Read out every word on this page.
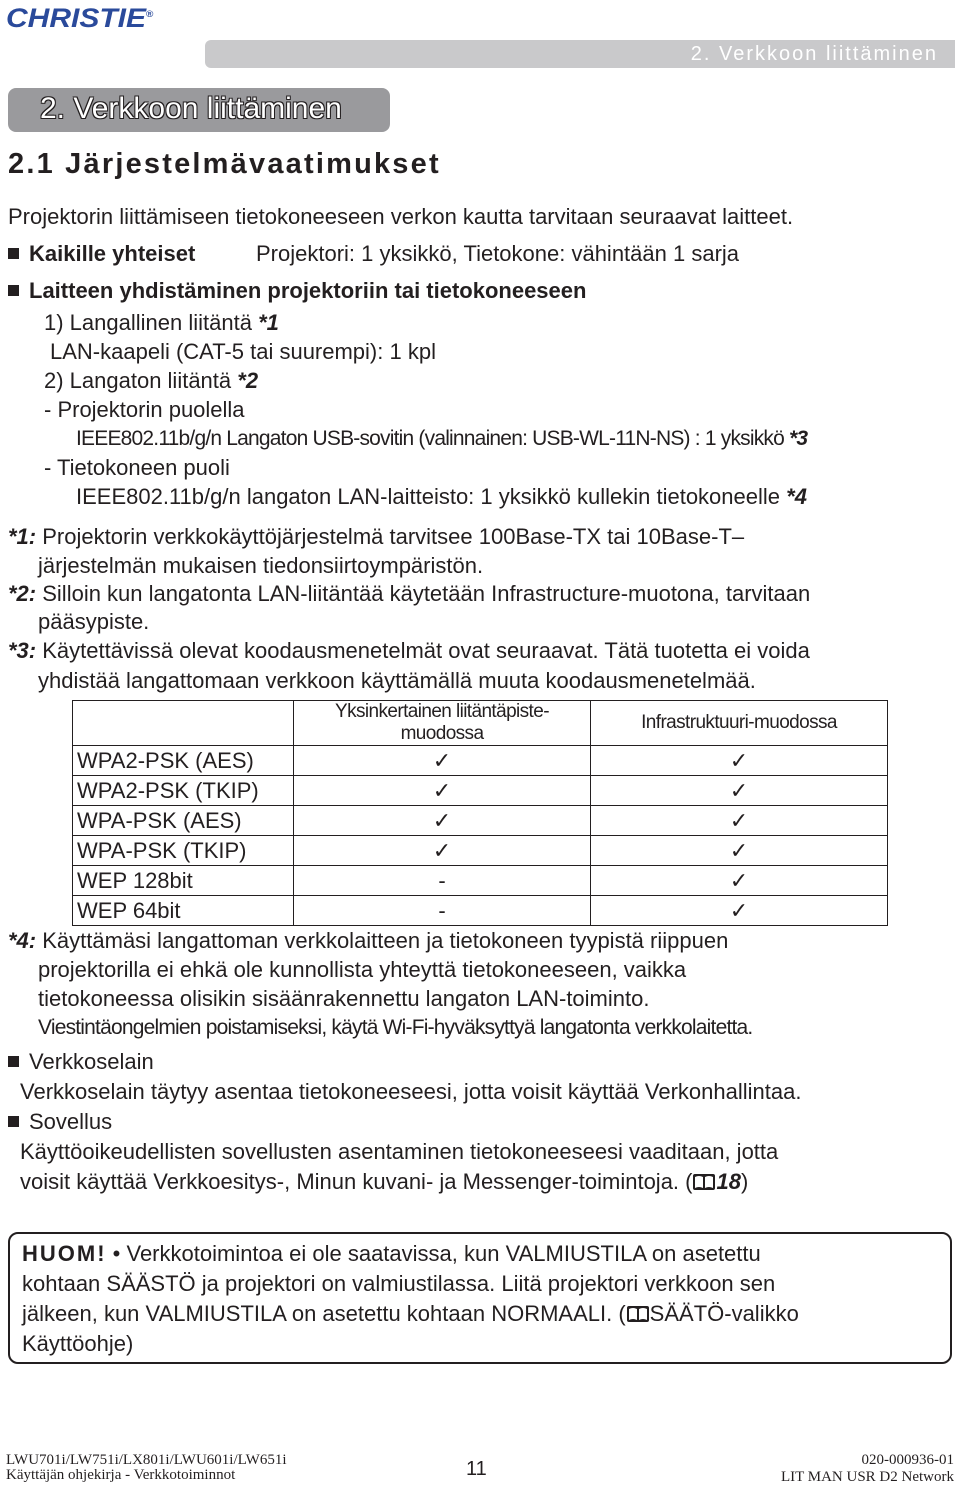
CHRISTIE®
2. Verkkoon liittäminen
2. Verkkoon liittäminen
2.1 Järjestelmävaatimukset
Projektorin liittämiseen tietokoneeseen verkon kautta tarvitaan seuraavat laitteet.
Kaikille yhteiset	Projektori: 1 yksikkö, Tietokone: vähintään 1 sarja
Laitteen yhdistäminen projektoriin tai tietokoneeseen
1) Langallinen liitäntä *1
LAN-kaapeli (CAT-5 tai suurempi): 1 kpl
2) Langaton liitäntä *2
- Projektorin puolella
IEEE802.11b/g/n Langaton USB-sovitin (valinnainen: USB-WL-11N-NS) : 1 yksikkö *3
- Tietokoneen puoli
IEEE802.11b/g/n langaton LAN-laitteisto: 1 yksikkö kullekin tietokoneelle *4
*1: Projektorin verkkokäyttöjärjestelmä tarvitsee 100Base-TX tai 10Base-T–
järjestelmän mukaisen tiedonsiirtoympäristön.
*2: Silloin kun langatonta LAN-liitäntää käytetään Infrastructure-muotona, tarvitaan
pääsypiste.
*3: Käytettävissä olevat koodausmenetelmät ovat seuraavat. Tätä tuotetta ei voida
yhdistää langattomaan verkkoon käyttämällä muuta koodausmenetelmää.
	Yksinkertainen liitäntäpiste-muodossa	Infrastruktuuri-muodossa
WPA2-PSK (AES)	✓	✓
WPA2-PSK (TKIP)	✓	✓
WPA-PSK (AES)	✓	✓
WPA-PSK (TKIP)	✓	✓
WEP 128bit	-	✓
WEP 64bit	-	✓
*4: Käyttämäsi langattoman verkkolaitteen ja tietokoneen tyypistä riippuen
projektorilla ei ehkä ole kunnollista yhteyttä tietokoneeseen, vaikka
tietokoneessa olisikin sisäänrakennettu langaton LAN-toiminto.
Viestintäongelmien poistamiseksi, käytä Wi-Fi-hyväksyttyä langatonta verkkolaitetta.
Verkkoselain
Verkkoselain täytyy asentaa tietokoneeseesi, jotta voisit käyttää Verkonhallintaa.
Sovellus
Käyttöoikeudellisten sovellusten asentaminen tietokoneeseesi vaaditaan, jotta
voisit käyttää Verkkoesitys-, Minun kuvani- ja Messenger-toimintoja. ( 18)
HUOM! • Verkkotoimintoa ei ole saatavissa, kun VALMIUSTILA on asetettu
kohtaan SÄÄSTÖ ja projektori on valmiustilassa. Liitä projektori verkkoon sen
jälkeen, kun VALMIUSTILA on asetettu kohtaan NORMAALI. ( SÄÄTÖ-valikko
Käyttöohje)
LWU701i/LW751i/LX801i/LWU601i/LW651i
Käyttäjän ohjekirja - Verkkotoiminnot	11	020-000936-01
LIT MAN USR D2 Network
